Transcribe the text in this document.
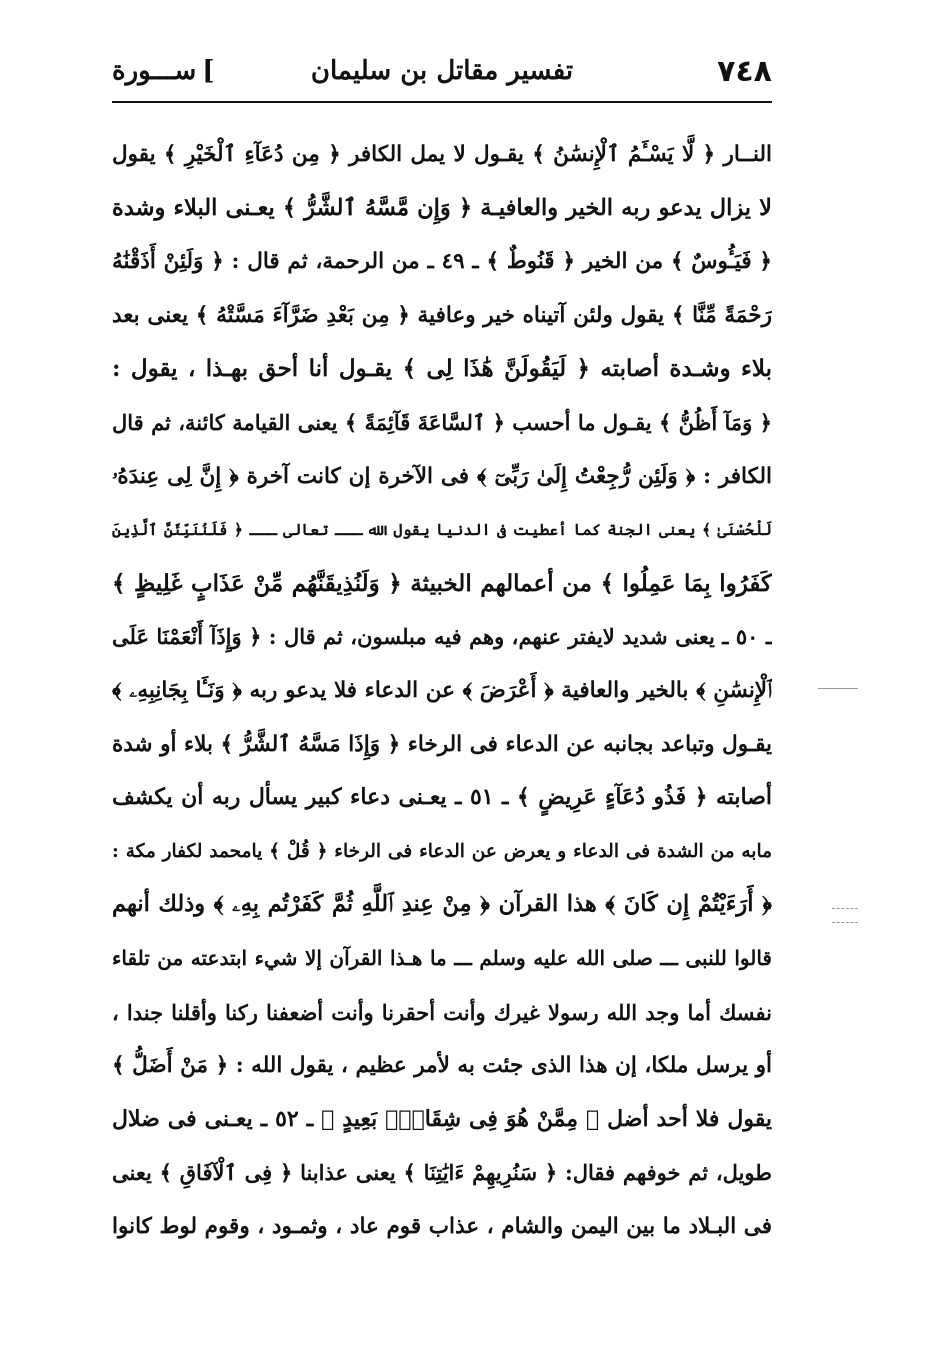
٧٤٨
تفسير مقاتل بن سليمان
]ســـورة
النــار ﴿ لَّا يَسْـَٔمُ ٱلْإِنسَٰنُ ﴾ يقـول لا يمل الكافر ﴿ مِن دُعَآءِ ٱلْخَيْرِ ﴾ يقول
لا يزال يدعو ربه الخير والعافيـة ﴿ وَإِن مَّسَّهُ ٱلشَّرُّ ﴾ يعـنى البلاء وشدة
﴿ فَيَـُٔوسٌ ﴾ من الخير ﴿ قَنُوطٌ ﴾ ـ ٤٩ ـ من الرحمة، ثم قال : ﴿ وَلَئِنْ أَذَقْنَٰهُ
رَحْمَةً مِّنَّا ﴾ يقول ولئن آتيناه خير وعافية ﴿ مِن بَعْدِ ضَرَّآءَ مَسَّتْهُ ﴾ يعنى بعد
بلاء وشـدة أصابته ﴿ لَيَقُولَنَّ هَٰذَا لِى ﴾ يقـول أنا أحق بهـذا ، يقول :
﴿ وَمَآ أَظُنُّ ﴾ يقـول ما أحسب ﴿ ٱلسَّاعَةَ قَآئِمَةً ﴾ يعنى القيامة كائنة، ثم قال
الكافر : ﴿ وَلَئِن رُّجِعْتُ إِلَىٰ رَبِّىٓ ﴾ فى الآخرة إن كانت آخرة ﴿ إِنَّ لِى عِندَهُۥ
لَلْحُسْنَىٰ ﴾ يعنى الجنة كما أعطيت فى الدنيا يقول الله ـــ تعالى ـــ ﴿ فَلَنُنَبِّئَنَّ ٱلَّذِينَ
كَفَرُوا بِمَا عَمِلُوا ﴾ من أعمالهم الخبيثة ﴿ وَلَنُذِيقَنَّهُم مِّنْ عَذَابٍ غَلِيظٍ ﴾
ـ ٥٠ ـ يعنى شديد لايفتر عنهم، وهم فيه مبلسون، ثم قال : ﴿ وَإِذَآ أَنْعَمْنَا عَلَى
ٱلْإِنسَٰنِ ﴾ بالخير والعافية ﴿ أَعْرَضَ ﴾ عن الدعاء فلا يدعو ربه ﴿ وَنَـَٔا بِجَانِبِهِۦ ﴾
يقـول وتباعد بجانبه عن الدعاء فى الرخاء ﴿ وَإِذَا مَسَّهُ ٱلشَّرُّ ﴾ بلاء أو شدة
أصابته ﴿ فَذُو دُعَآءٍ عَرِيضٍ ﴾ ـ ٥١ ـ يعـنى دعاء كبير يسأل ربه أن يكشف
مابه من الشدة فى الدعاء و يعرض عن الدعاء فى الرخاء ﴿ قُلْ ﴾ يامحمد لكفار مكة :
﴿ أَرَءَيْتُمْ إِن كَانَ ﴾ هذا القرآن ﴿ مِنْ عِندِ ٱللَّهِ ثُمَّ كَفَرْتُم بِهِۦ ﴾ وذلك أنهم
قالوا للنبى ـــ صلى الله عليه وسلم ـــ ما هـذا القرآن إلا شيء ابتدعته من تلقاء
نفسك أما وجد الله رسولا غيرك وأنت أحقرنا وأنت أضعفنا ركنا وأقلنا جندا ،
أو يرسل ملكا، إن هذا الذى جئت به لأمر عظيم ، يقول الله : ﴿ مَنْ أَضَلُّ ﴾
يقول فلا أحد أضل ﴿ مِمَّنْ هُوَ فِى شِقَاقٍۭ بَعِيدٍ ﴾ ـ ٥٢ ـ يعـنى فى ضلال
طويل، ثم خوفهم فقال: ﴿ سَنُرِيهِمْ ءَايَٰتِنَا ﴾ يعنى عذابنا ﴿ فِى ٱلْآفَاقِ ﴾ يعنى
فى البـلاد ما بين اليمن والشام ، عذاب قوم عاد ، وثمـود ، وقوم لوط كانوا
